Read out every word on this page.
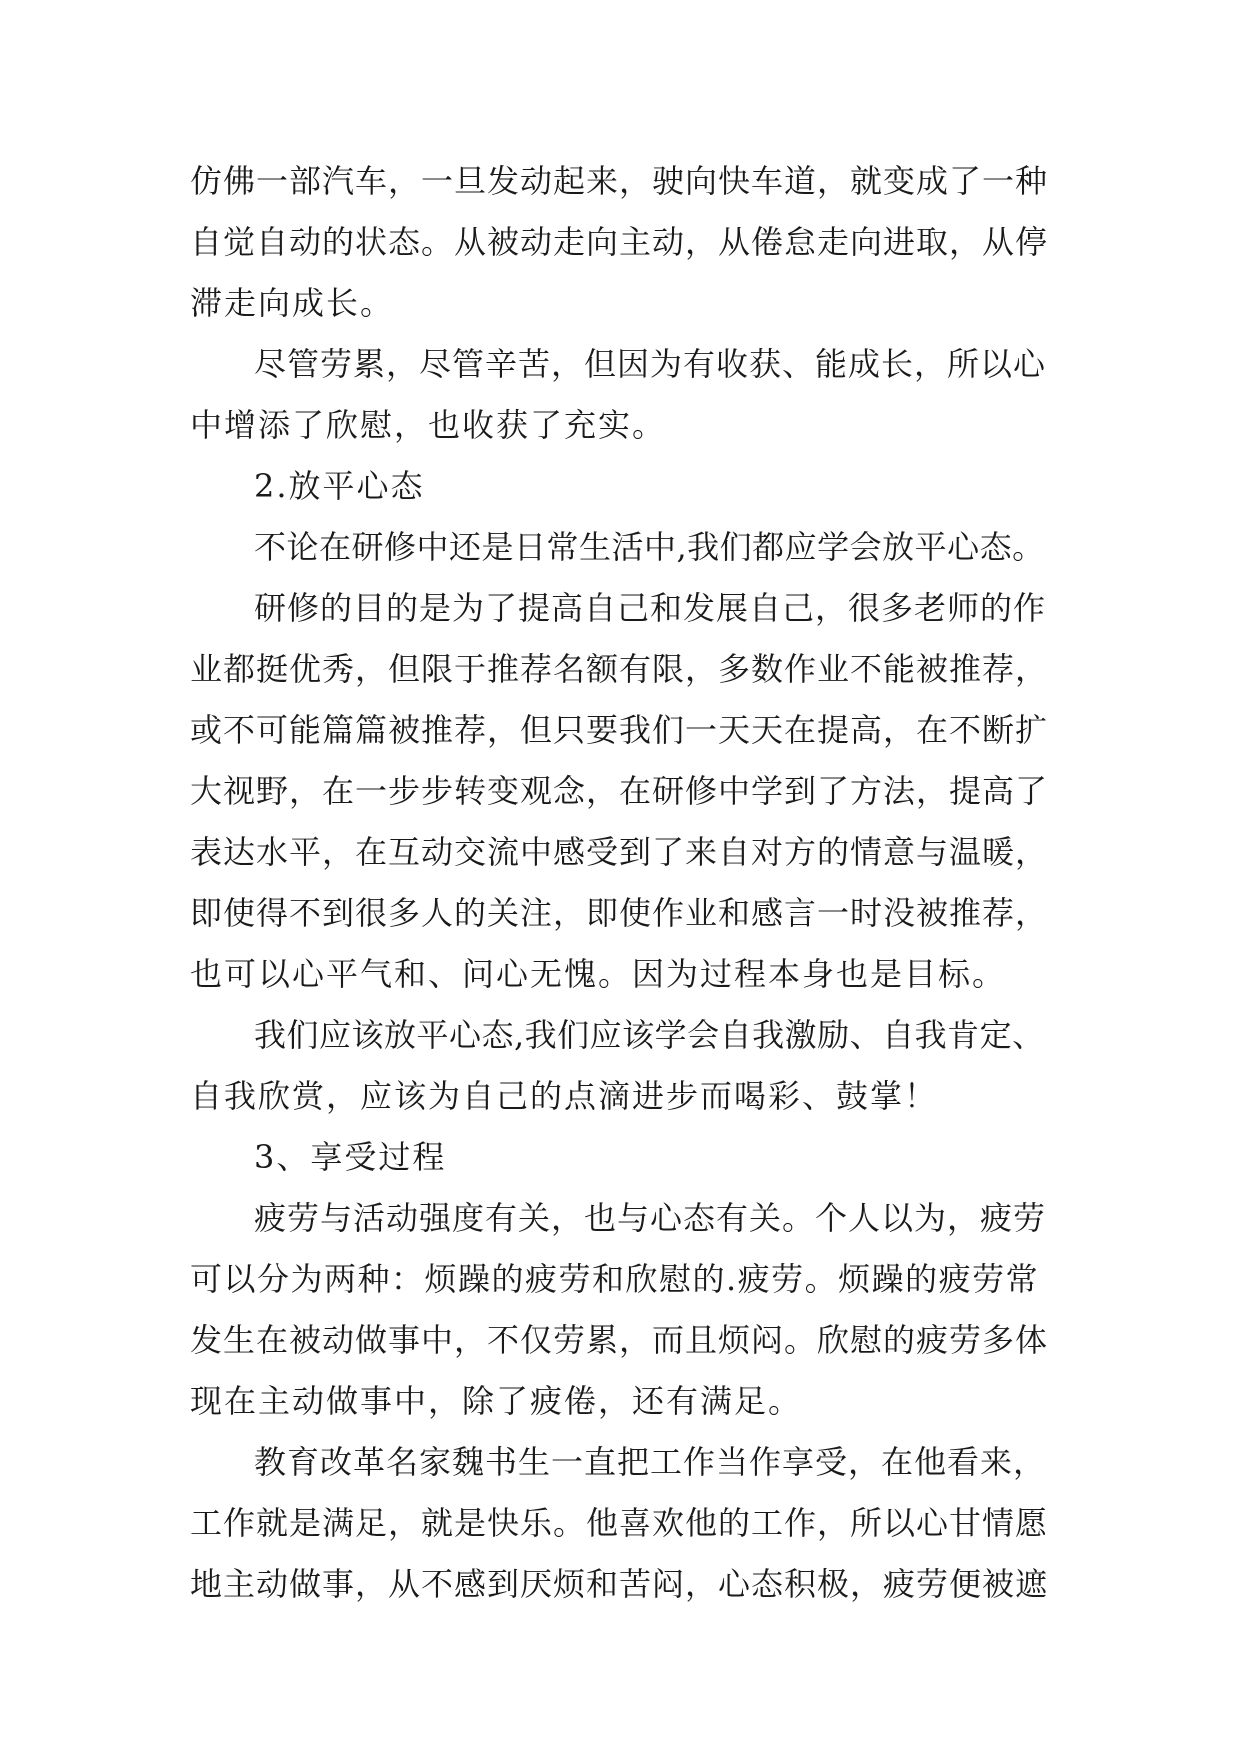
仿佛一部汽车，一旦发动起来，驶向快车道，就变成了一种
自觉自动的状态。从被动走向主动，从倦怠走向进取，从停
滞走向成长。
尽管劳累，尽管辛苦，但因为有收获、能成长，所以心
中增添了欣慰，也收获了充实。
2.放平心态
不论在研修中还是日常生活中,我们都应学会放平心态。
研修的目的是为了提高自己和发展自己，很多老师的作
业都挺优秀，但限于推荐名额有限，多数作业不能被推荐，
或不可能篇篇被推荐，但只要我们一天天在提高，在不断扩
大视野，在一步步转变观念，在研修中学到了方法，提高了
表达水平，在互动交流中感受到了来自对方的情意与温暖，
即使得不到很多人的关注，即使作业和感言一时没被推荐，
也可以心平气和、问心无愧。因为过程本身也是目标。
我们应该放平心态,我们应该学会自我激励、自我肯定、
自我欣赏，应该为自己的点滴进步而喝彩、鼓掌！
3、享受过程
疲劳与活动强度有关，也与心态有关。个人以为，疲劳
可以分为两种：烦躁的疲劳和欣慰的.疲劳。烦躁的疲劳常
发生在被动做事中，不仅劳累，而且烦闷。欣慰的疲劳多体
现在主动做事中，除了疲倦，还有满足。
教育改革名家魏书生一直把工作当作享受，在他看来，
工作就是满足，就是快乐。他喜欢他的工作，所以心甘情愿
地主动做事，从不感到厌烦和苦闷，心态积极，疲劳便被遮
